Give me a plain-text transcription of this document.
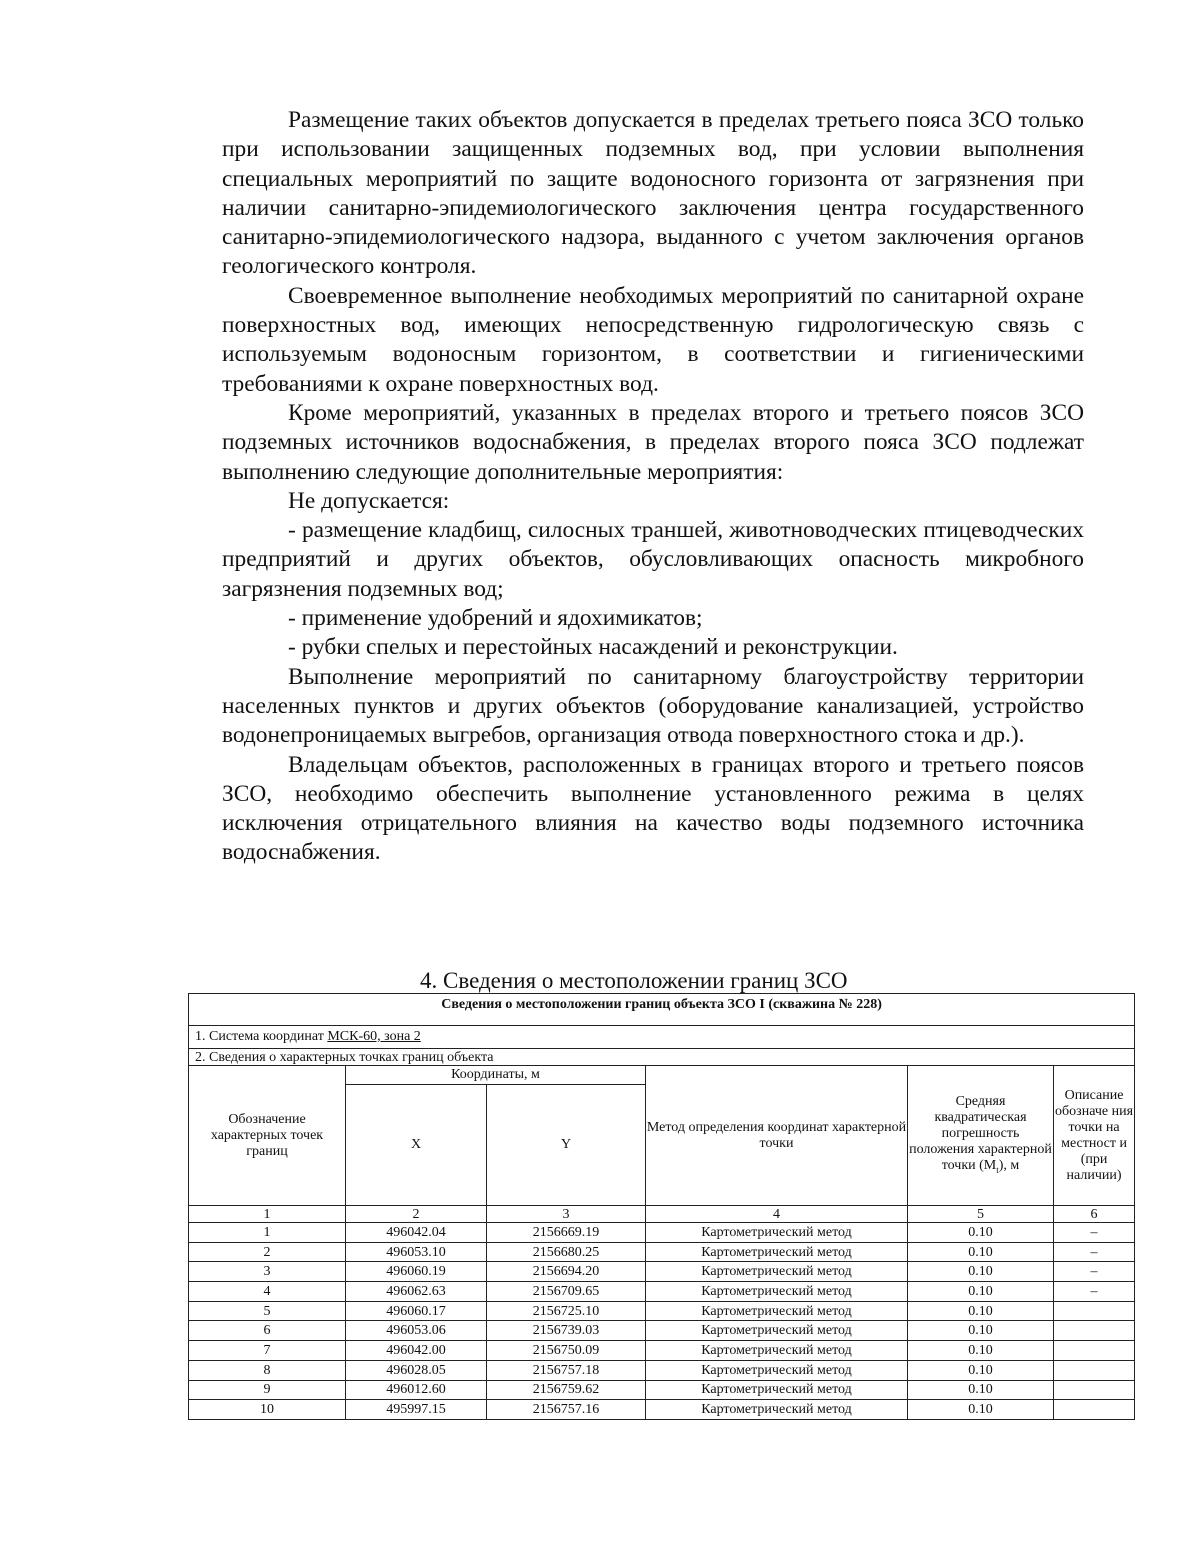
Размещение таких объектов допускается в пределах третьего пояса ЗСО только при использовании защищенных подземных вод, при условии выполнения специальных мероприятий по защите водоносного горизонта от загрязнения при наличии санитарно-эпидемиологического заключения центра государственного санитарно-эпидемиологического надзора, выданного с учетом заключения органов геологического контроля.

Своевременное выполнение необходимых мероприятий по санитарной охране поверхностных вод, имеющих непосредственную гидрологическую связь с используемым водоносным горизонтом, в соответствии и гигиеническими требованиями к охране поверхностных вод.

Кроме мероприятий, указанных в пределах второго и третьего поясов ЗСО подземных источников водоснабжения, в пределах второго пояса ЗСО подлежат выполнению следующие дополнительные мероприятия:

Не допускается:

- размещение кладбищ, силосных траншей, животноводческих птицеводческих предприятий и других объектов, обусловливающих опасность микробного загрязнения подземных вод;

- применение удобрений и ядохимикатов;

- рубки спелых и перестойных насаждений и реконструкции.

Выполнение мероприятий по санитарному благоустройству территории населенных пунктов и других объектов (оборудование канализацией, устройство водонепроницаемых выгребов, организация отвода поверхностного стока и др.).

Владельцам объектов, расположенных в границах второго и третьего поясов ЗСО, необходимо обеспечить выполнение установленного режима в целях исключения отрицательного влияния на качество воды подземного источника водоснабжения.

4. Сведения о местоположении границ ЗСО
Сведения о местоположении границ объекта ЗСО I (скважина № 228)					
1. Система координат МСК-60, зона 2					
2. Сведения о характерных точках границ объекта					
Обозначение характерных точек границ	Координаты, м		Метод определения координат характерной точки	Средняя квадратическая погрешность положения характерной точки $(M_t)$, м	Описание обозначе ния точки на местност и (при наличии)
	X	Y			
1	2	3	4	5	6
1	496042.04	2156669.19	Картометрический метод	0.10	–
2	496053.10	2156680.25	Картометрический метод	0.10	–
3	496060.19	2156694.20	Картометрический метод	0.10	–
4	496062.63	2156709.65	Картометрический метод	0.10	–
5	496060.17	2156725.10	Картометрический метод	0.10	
6	496053.06	2156739.03	Картометрический метод	0.10	
7	496042.00	2156750.09	Картометрический метод	0.10	
8	496028.05	2156757.18	Картометрический метод	0.10	
9	496012.60	2156759.62	Картометрический метод	0.10	
10	495997.15	2156757.16	Картометрический метод	0.10	
